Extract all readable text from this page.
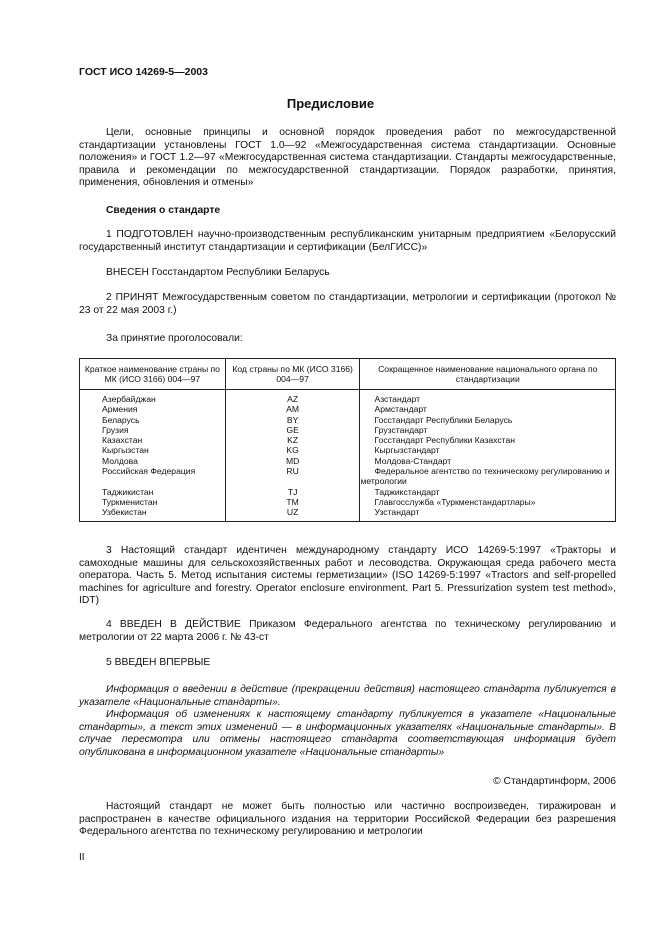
ГОСТ ИСО 14269-5—2003
Предисловие
Цели, основные принципы и основной порядок проведения работ по межгосударственной стандартизации установлены ГОСТ 1.0—92 «Межгосударственная система стандартизации. Основные положения» и ГОСТ 1.2—97 «Межгосударственная система стандартизации. Стандарты межгосударственные, правила и рекомендации по межгосударственной стандартизации. Порядок разработки, принятия, применения, обновления и отмены»
Сведения о стандарте
1 ПОДГОТОВЛЕН научно-производственным республиканским унитарным предприятием «Белорусский государственный институт стандартизации и сертификации (БелГИСС)»
ВНЕСЕН Госстандартом Республики Беларусь
2 ПРИНЯТ Межгосударственным советом по стандартизации, метрологии и сертификации (протокол № 23 от 22 мая 2003 г.)
За принятие проголосовали:
Краткое наименование страны по МК (ИСО 3166) 004—97	Код страны по МК (ИСО 3166) 004—97	Сокращенное наименование национального органа по стандартизации
Азербайджан	AZ	Азстандарт

Армения	AM	Армстандарт

Беларусь	BY	Госстандарт Республики Беларусь

Грузия	GE	Грузстандарт

Казахстан	KZ	Госстандарт Республики Казахстан

Кыргызстан	KG	Кыргызстандарт

Молдова	MD	Молдова-Стандарт

Российская Федерация	RU	Федеральное агентство по техническому регулированию и метрологии

Таджикистан	TJ	Таджикстандарт

Туркменистан	TM	Главгосслужба «Туркменстандартлары»

Узбекистан	UZ	Узстандарт
3 Настоящий стандарт идентичен международному стандарту ИСО 14269-5:1997 «Тракторы и самоходные машины для сельскохозяйственных работ и лесоводства. Окружающая среда рабочего места оператора. Часть 5. Метод испытания системы герметизации» (ISO 14269-5:1997 «Tractors and self-propelled machines for agriculture and forestry. Operator enclosure environment. Part 5. Pressurization system test method», IDT)
4 ВВЕДЕН В ДЕЙСТВИЕ Приказом Федерального агентства по техническому регулированию и метрологии от 22 марта 2006 г. № 43-ст
5 ВВЕДЕН ВПЕРВЫЕ
Информация о введении в действие (прекращении действия) настоящего стандарта публикуется в указателе «Национальные стандарты».
Информация об изменениях к настоящему стандарту публикуется в указателе «Национальные стандарты», а текст этих изменений — в информационных указателях «Национальные стандарты». В случае пересмотра или отмены настоящего стандарта соответствующая информация будет опубликована в информационном указателе «Национальные стандарты»
© Стандартинформ, 2006
Настоящий стандарт не может быть полностью или частично воспроизведен, тиражирован и распространен в качестве официального издания на территории Российской Федерации без разрешения Федерального агентства по техническому регулированию и метрологии
II
